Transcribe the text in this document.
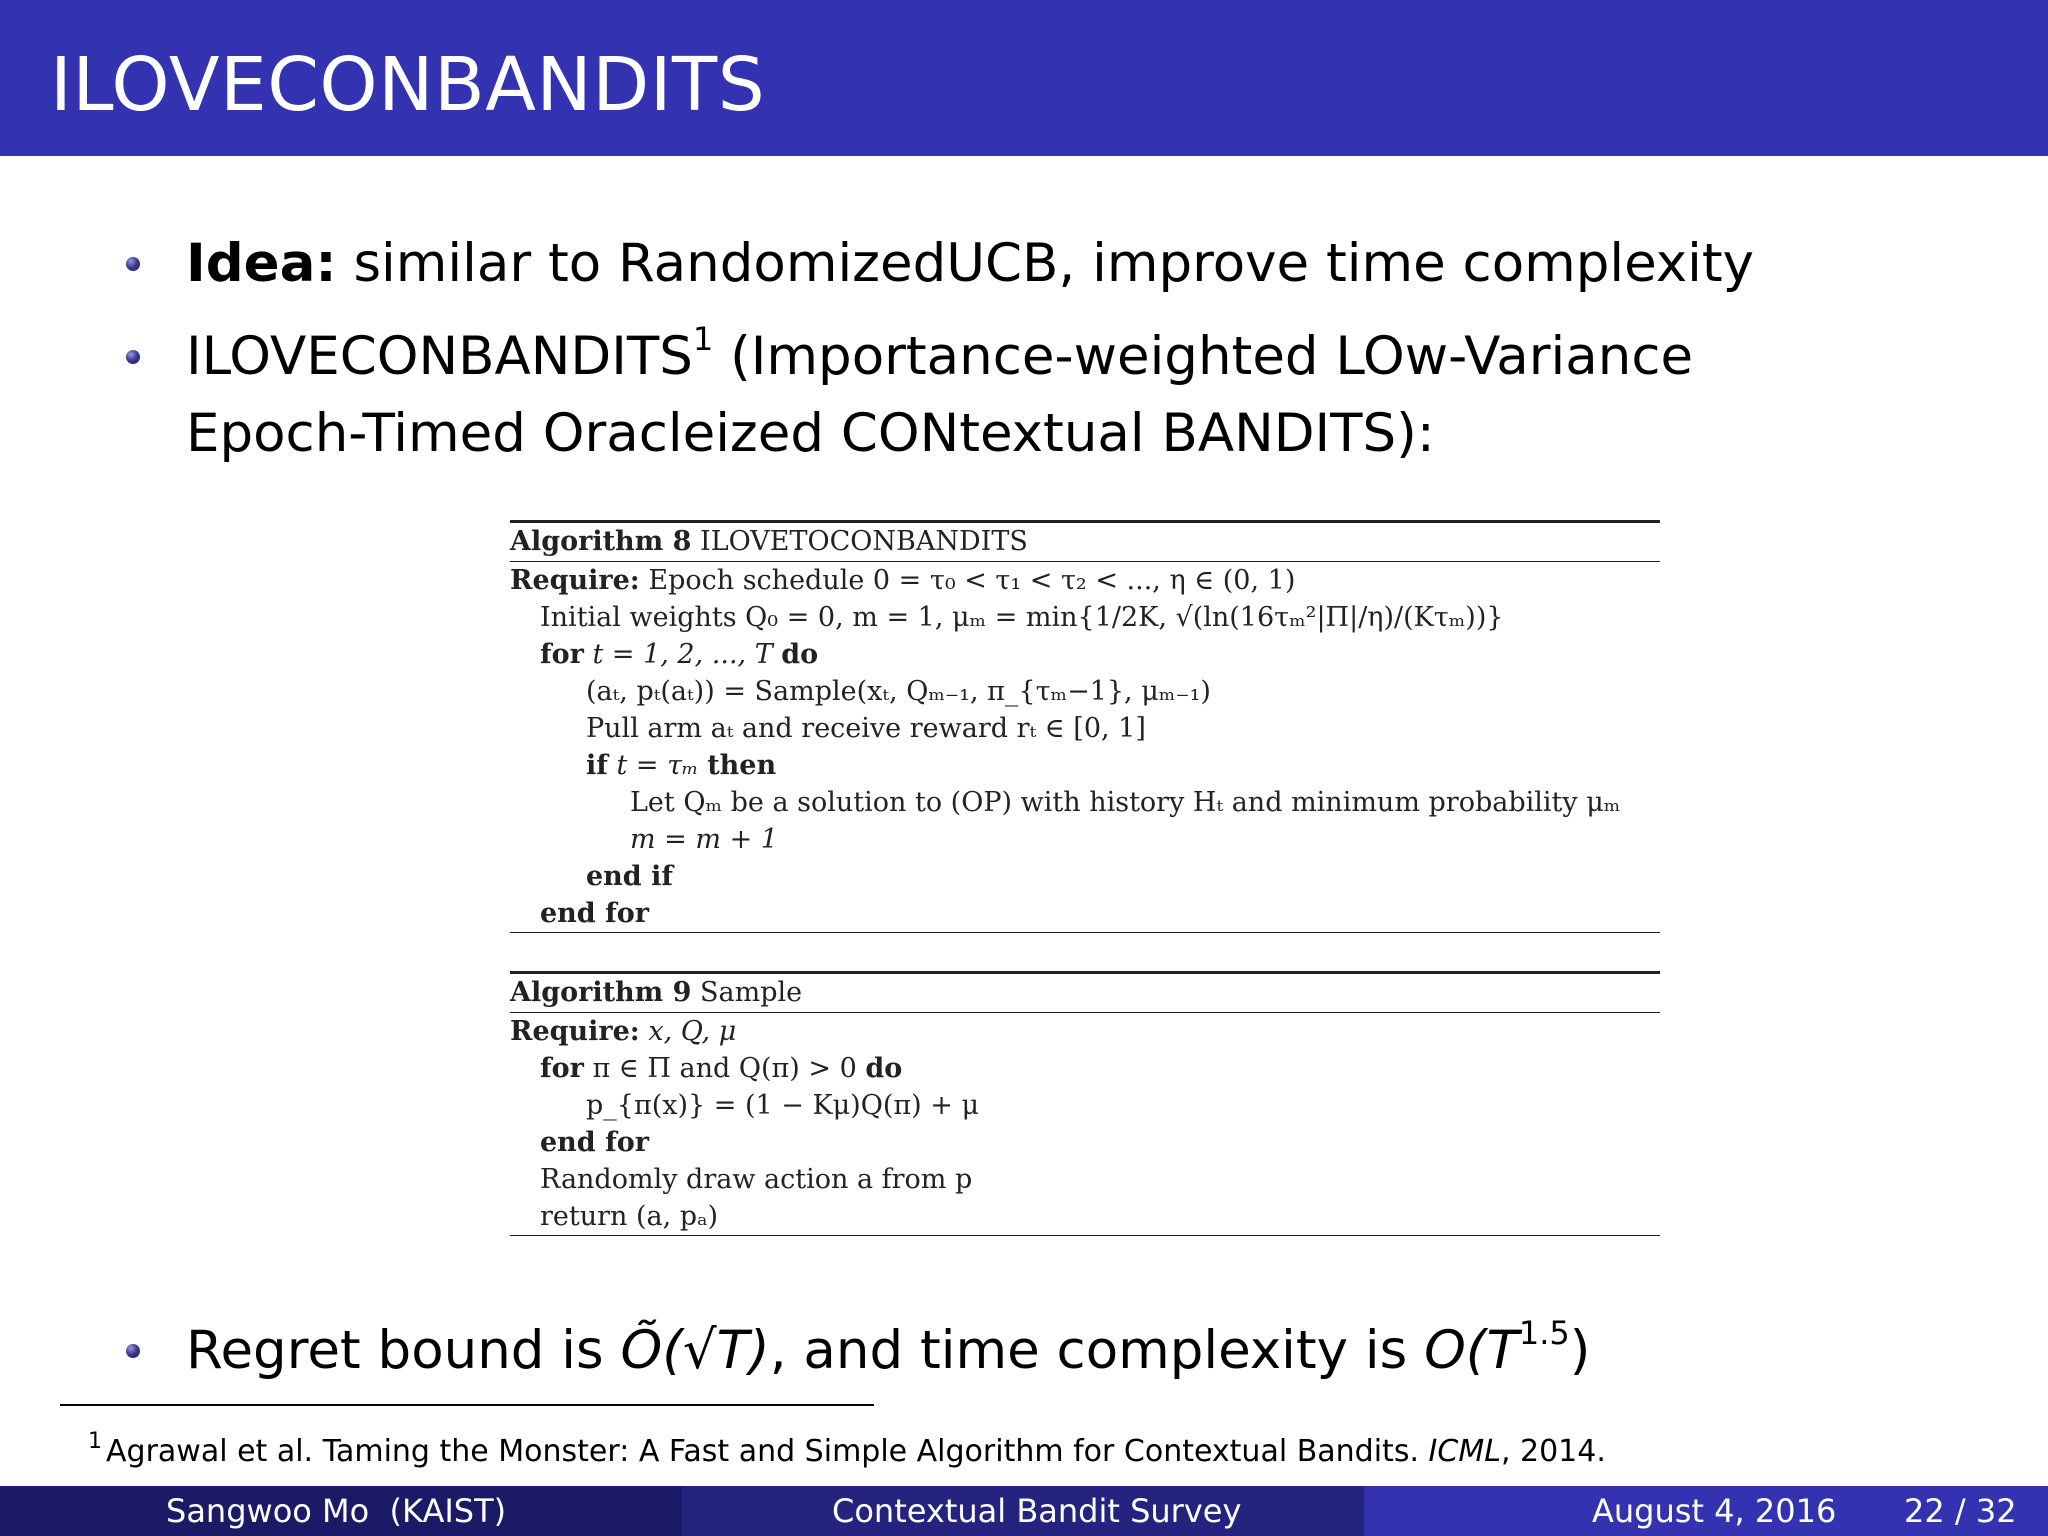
ILOVECONBANDITS
Idea: similar to RandomizedUCB, improve time complexity
ILOVECONBANDITS$^1$ (Importance-weighted LOw-Variance
Epoch-Timed Oracleized CONtextual BANDITS):
Regret bound is Õ(√T), and time complexity is $O(T^{1.5})$
Algorithm 8 ILOVETOCONBANDITS
Require: Epoch schedule 0 = τ₀ < τ₁ < τ₂ < ..., η ∈ (0, 1)
Initial weights Q₀ = 0, m = 1, μₘ = min{1/2K, √(ln(16τₘ²|Π|/η)/(Kτₘ))}
for t = 1, 2, ..., T do
(aₜ, pₜ(aₜ)) = Sample(xₜ, Qₘ₋₁, π_{τₘ−1}, μₘ₋₁)
Pull arm aₜ and receive reward rₜ ∈ [0, 1]
if t = τₘ then
Let Qₘ be a solution to (OP) with history Hₜ and minimum probability μₘ
m = m + 1
end if
end for
Algorithm 9 Sample
Require: x, Q, μ
for π ∈ Π and Q(π) > 0 do
p_{π(x)} = (1 − Kμ)Q(π) + μ
end for
Randomly draw action a from p
return (a, pₐ)
1 Agrawal et al. Taming the Monster: A Fast and Simple Algorithm for Contextual Bandits. ICML, 2014.
Sangwoo Mo  (KAIST)	Contextual Bandit Survey	August 4, 2016 22 / 32
